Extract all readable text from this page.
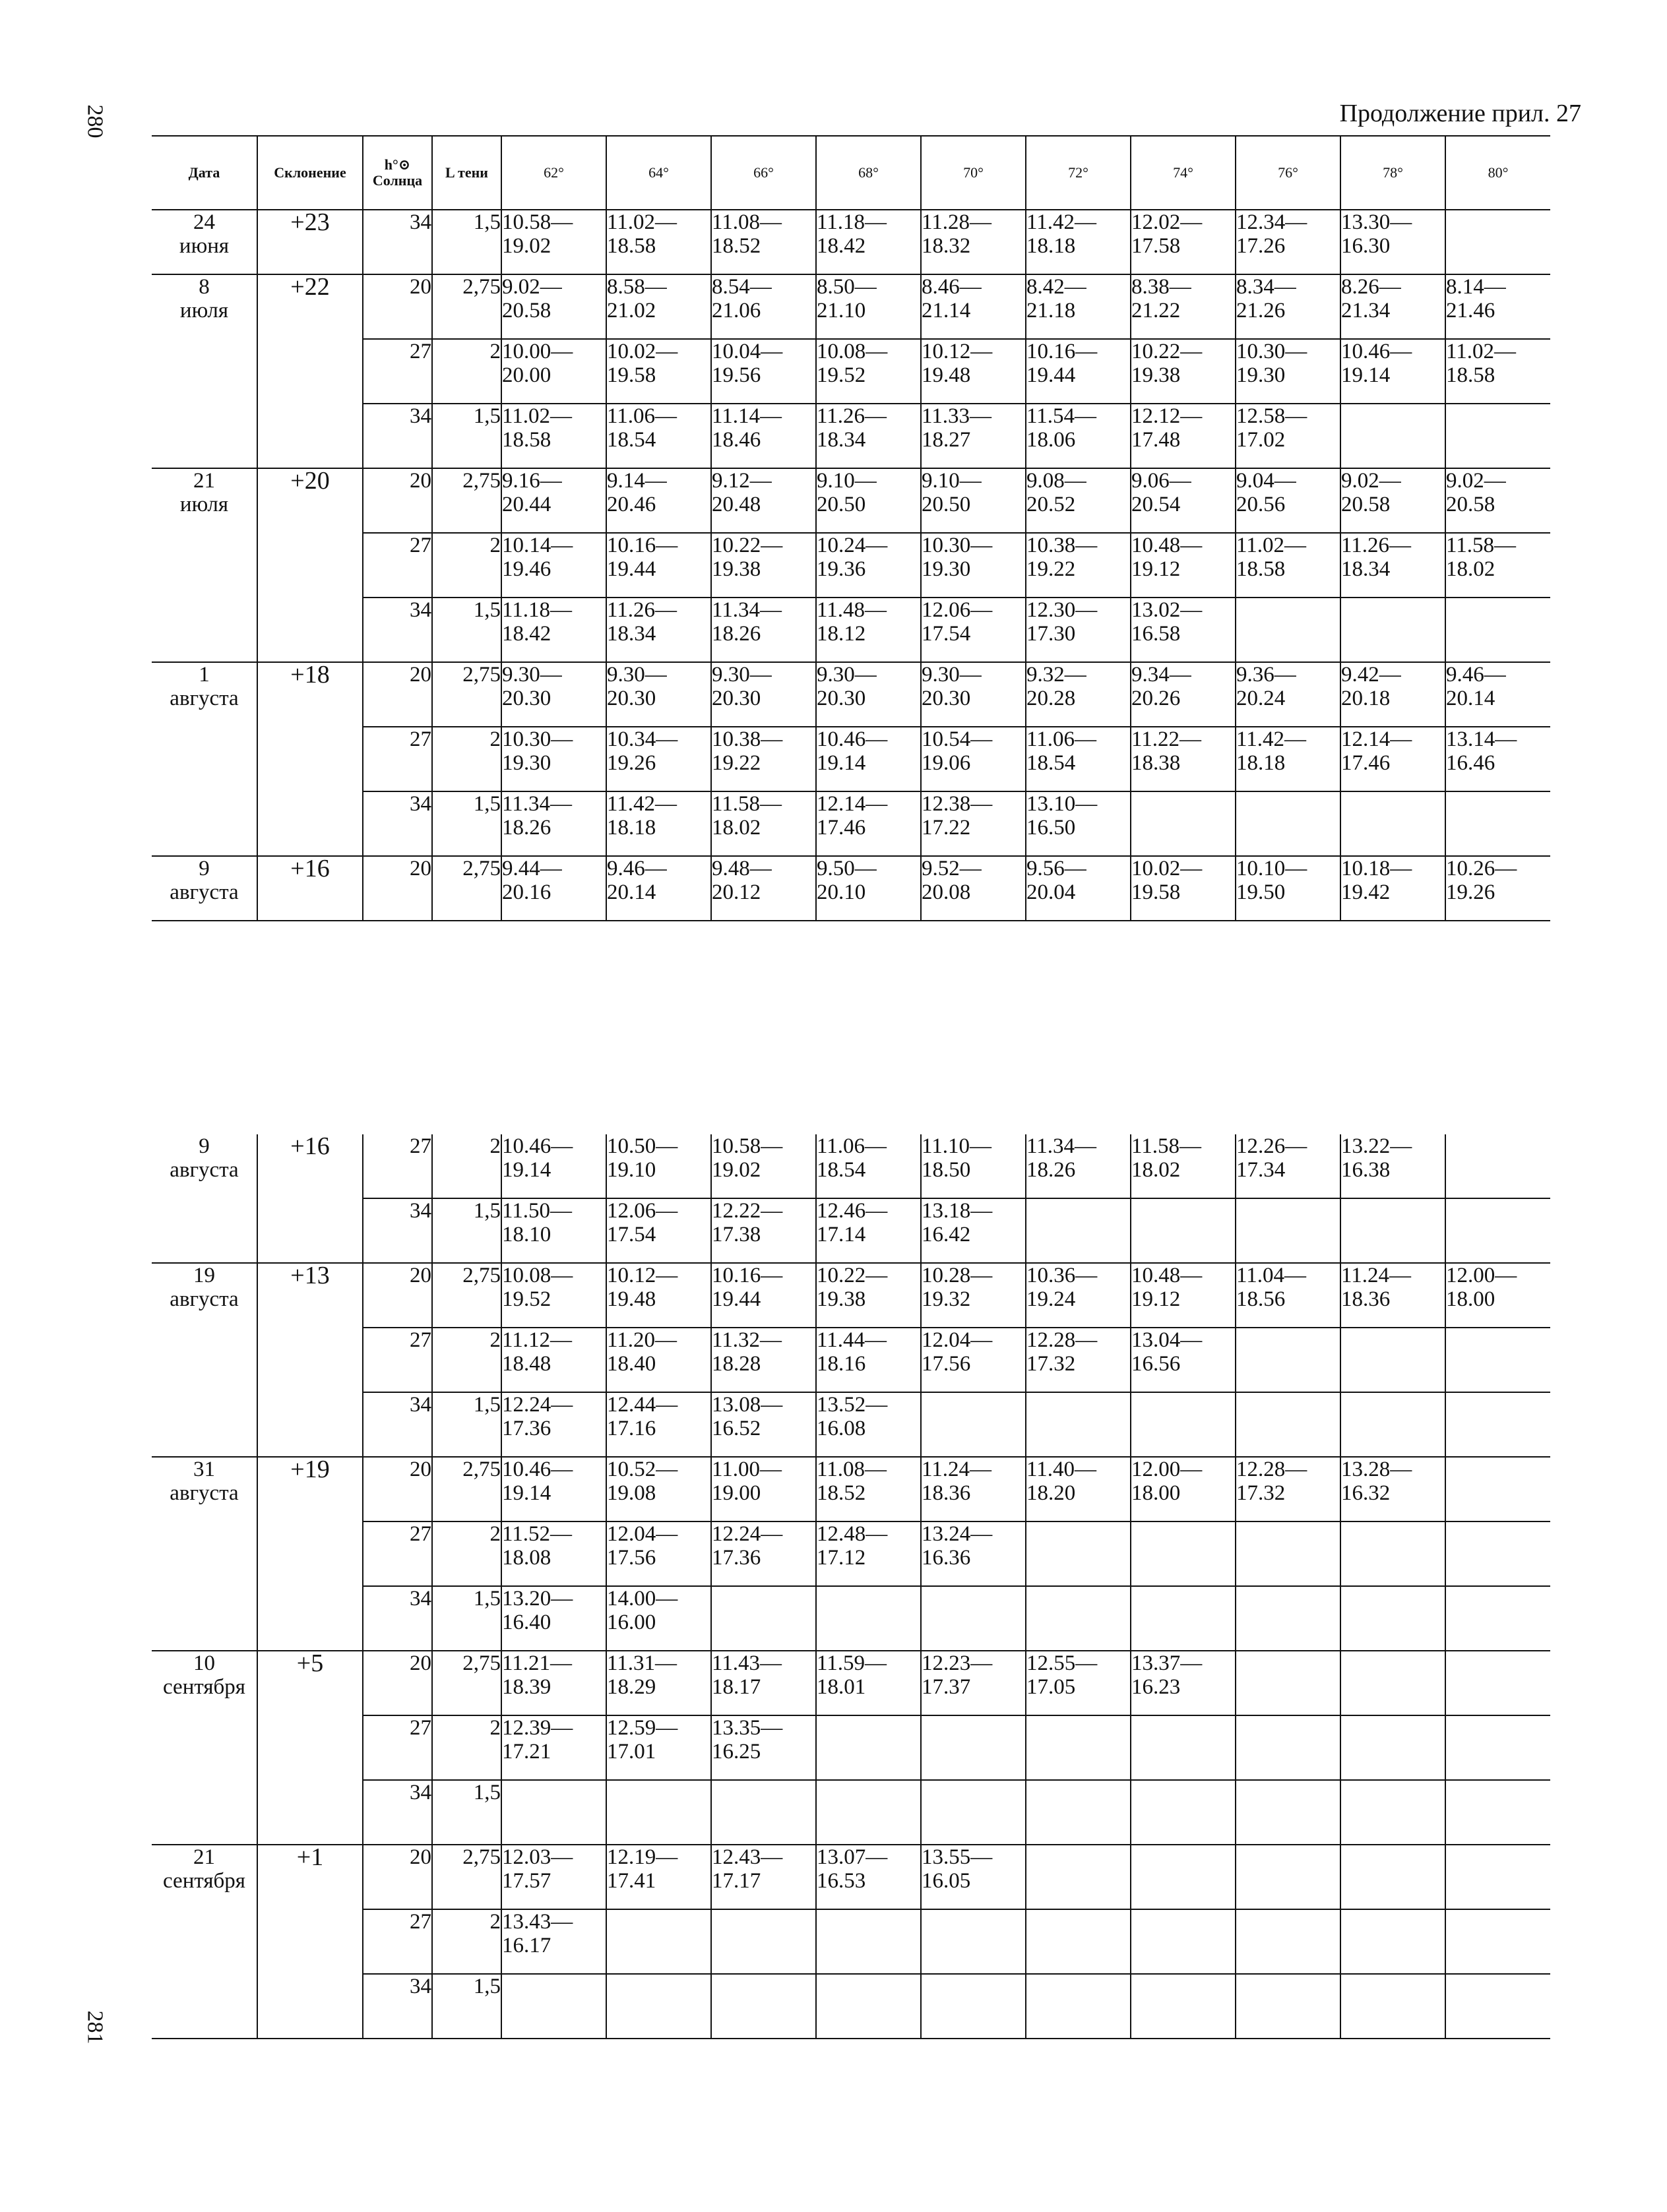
280
281
Продолжение прил. 27
Дата	Склонение	h°⊙
Солнца	L тени	62°	64°	66°	68°	70°	72°	74°	76°	78°	80°

24
июня	+23	34	1,5	10.58—
19.02	11.02—
18.58	11.08—
18.52	11.18—
18.42	11.28—
18.32	11.42—
18.18	12.02—
17.58	12.34—
17.26	13.30—
16.30	

8
июля	+22	20	2,75	9.02—
20.58	8.58—
21.02	8.54—
21.06	8.50—
21.10	8.46—
21.14	8.42—
21.18	8.38—
21.22	8.34—
21.26	8.26—
21.34	8.14—
21.46

		27	2	10.00—
20.00	10.02—
19.58	10.04—
19.56	10.08—
19.52	10.12—
19.48	10.16—
19.44	10.22—
19.38	10.30—
19.30	10.46—
19.14	11.02—
18.58

		34	1,5	11.02—
18.58	11.06—
18.54	11.14—
18.46	11.26—
18.34	11.33—
18.27	11.54—
18.06	12.12—
17.48	12.58—
17.02		

21
июля	+20	20	2,75	9.16—
20.44	9.14—
20.46	9.12—
20.48	9.10—
20.50	9.10—
20.50	9.08—
20.52	9.06—
20.54	9.04—
20.56	9.02—
20.58	9.02—
20.58

		27	2	10.14—
19.46	10.16—
19.44	10.22—
19.38	10.24—
19.36	10.30—
19.30	10.38—
19.22	10.48—
19.12	11.02—
18.58	11.26—
18.34	11.58—
18.02

		34	1,5	11.18—
18.42	11.26—
18.34	11.34—
18.26	11.48—
18.12	12.06—
17.54	12.30—
17.30	13.02—
16.58			

1
августа	+18	20	2,75	9.30—
20.30	9.30—
20.30	9.30—
20.30	9.30—
20.30	9.30—
20.30	9.32—
20.28	9.34—
20.26	9.36—
20.24	9.42—
20.18	9.46—
20.14

		27	2	10.30—
19.30	10.34—
19.26	10.38—
19.22	10.46—
19.14	10.54—
19.06	11.06—
18.54	11.22—
18.38	11.42—
18.18	12.14—
17.46	13.14—
16.46

		34	1,5	11.34—
18.26	11.42—
18.18	11.58—
18.02	12.14—
17.46	12.38—
17.22	13.10—
16.50				

9
августа	+16	20	2,75	9.44—
20.16	9.46—
20.14	9.48—
20.12	9.50—
20.10	9.52—
20.08	9.56—
20.04	10.02—
19.58	10.10—
19.50	10.18—
19.42	10.26—
19.26
9
августа	+16	27	2	10.46—
19.14	10.50—
19.10	10.58—
19.02	11.06—
18.54	11.10—
18.50	11.34—
18.26	11.58—
18.02	12.26—
17.34	13.22—
16.38	

		34	1,5	11.50—
18.10	12.06—
17.54	12.22—
17.38	12.46—
17.14	13.18—
16.42					

19
августа	+13	20	2,75	10.08—
19.52	10.12—
19.48	10.16—
19.44	10.22—
19.38	10.28—
19.32	10.36—
19.24	10.48—
19.12	11.04—
18.56	11.24—
18.36	12.00—
18.00

		27	2	11.12—
18.48	11.20—
18.40	11.32—
18.28	11.44—
18.16	12.04—
17.56	12.28—
17.32	13.04—
16.56			

		34	1,5	12.24—
17.36	12.44—
17.16	13.08—
16.52	13.52—
16.08						

31
августа	+19	20	2,75	10.46—
19.14	10.52—
19.08	11.00—
19.00	11.08—
18.52	11.24—
18.36	11.40—
18.20	12.00—
18.00	12.28—
17.32	13.28—
16.32	

		27	2	11.52—
18.08	12.04—
17.56	12.24—
17.36	12.48—
17.12	13.24—
16.36					

		34	1,5	13.20—
16.40	14.00—
16.00								

10
сентября	+5	20	2,75	11.21—
18.39	11.31—
18.29	11.43—
18.17	11.59—
18.01	12.23—
17.37	12.55—
17.05	13.37—
16.23			

		27	2	12.39—
17.21	12.59—
17.01	13.35—
16.25							

		34	1,5										

21
сентября	+1	20	2,75	12.03—
17.57	12.19—
17.41	12.43—
17.17	13.07—
16.53	13.55—
16.05					

		27	2	13.43—
16.17									

		34	1,5										
